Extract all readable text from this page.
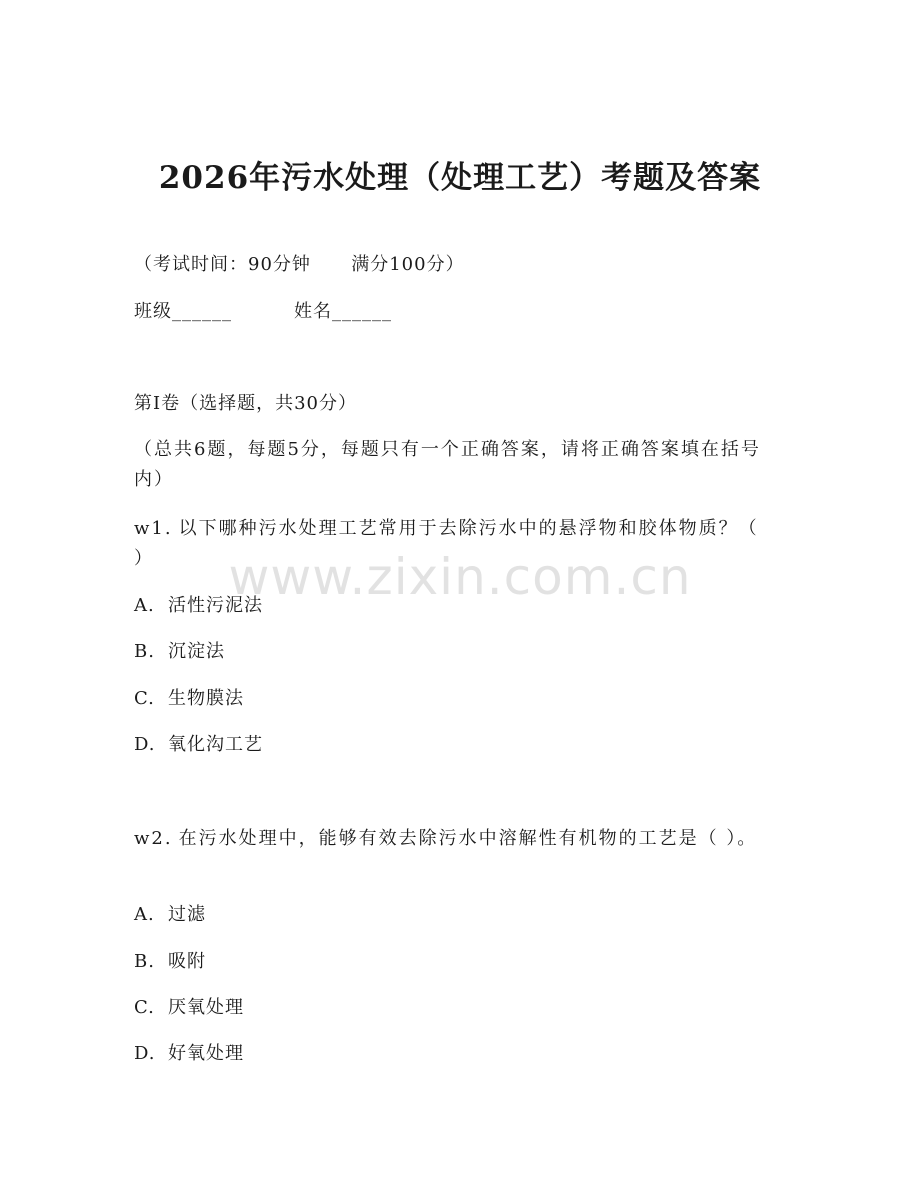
2026年污水处理（处理工艺）考题及答案
（考试时间：90分钟      满分100分）
班级______	姓名______
第I卷（选择题，共30分）
（总共6题，每题5分，每题只有一个正确答案，请将正确答案填在括号内）
w1. 以下哪种污水处理工艺常用于去除污水中的悬浮物和胶体物质？（ ）
A. 活性污泥法
B. 沉淀法
C. 生物膜法
D. 氧化沟工艺
w2. 在污水处理中，能够有效去除污水中溶解性有机物的工艺是（ ）。
A. 过滤
B. 吸附
C. 厌氧处理
D. 好氧处理
www.zixin.com.cn
